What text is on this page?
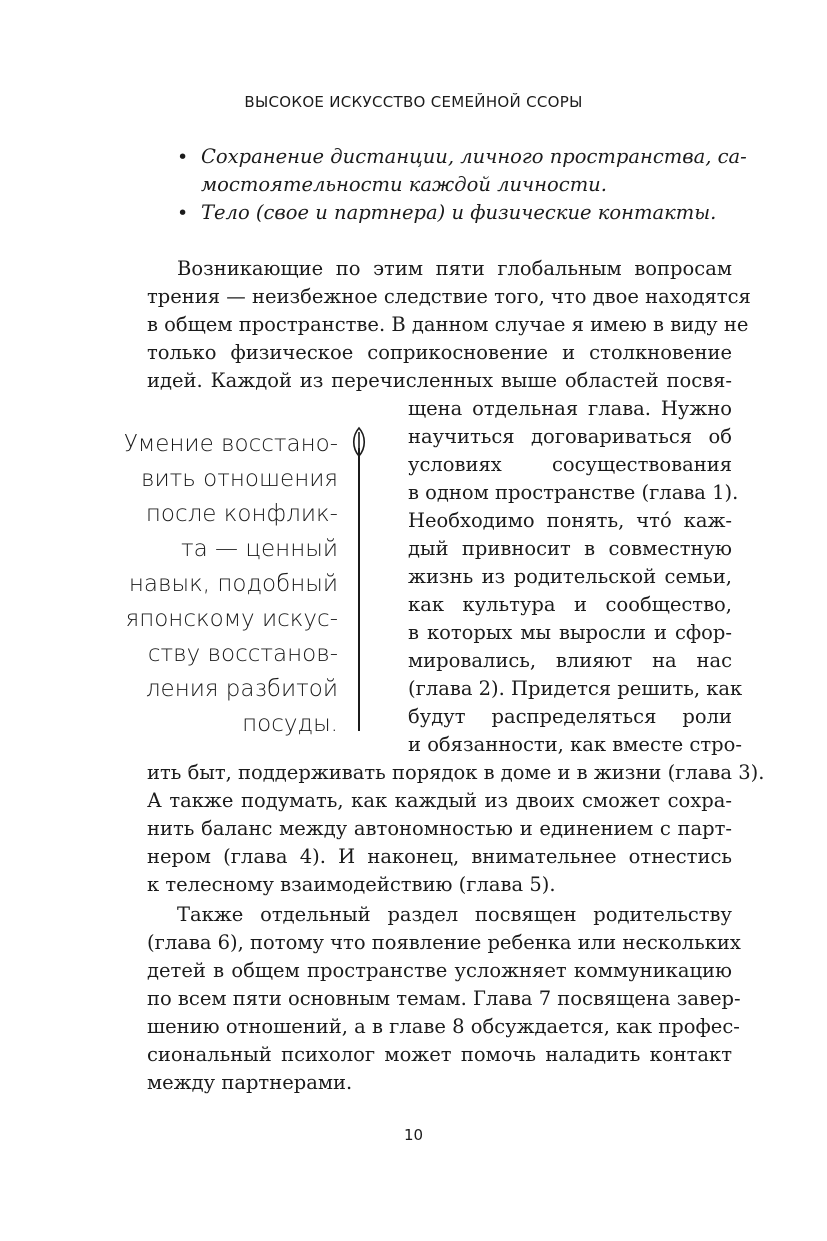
ВЫСОКОЕ ИСКУССТВО СЕМЕЙНОЙ ССОРЫ
• Сохранение дистанции, личного пространства, са-
мостоятельности каждой личности.
• Тело (свое и партнера) и физические контакты.
Возникающие по этим пяти глобальным вопросам
трения — неизбежное следствие того, что двое находятся
в общем пространстве. В данном случае я имею в виду не
только физическое соприкосновение и столкновение
идей. Каждой из перечисленных выше областей посвя-
щена отдельная глава. Нужно
научиться договариваться об
условиях сосуществования
в одном пространстве (глава 1).
Необходимо понять, что́ каж-
дый привносит в совместную
жизнь из родительской семьи,
как культура и сообщество,
в которых мы выросли и сфор-
мировались, влияют на нас
(глава 2). Придется решить, как
будут распределяться роли
и обязанности, как вместе стро-
ить быт, поддерживать порядок в доме и в жизни (глава 3).
А также подумать, как каждый из двоих сможет сохра-
нить баланс между автономностью и единением с парт-
нером (глава 4). И наконец, внимательнее отнестись
к телесному взаимодействию (глава 5).
Также отдельный раздел посвящен родительству
(глава 6), потому что появление ребенка или нескольких
детей в общем пространстве усложняет коммуникацию
по всем пяти основным темам. Глава 7 посвящена завер-
шению отношений, а в главе 8 обсуждается, как профес-
сиональный психолог может помочь наладить контакт
между партнерами.
Умение восстано-
вить отношения
после конфлик-
та — ценный
навык, подобный
японскому искус-
ству восстанов-
ления разбитой
посуды.
10
